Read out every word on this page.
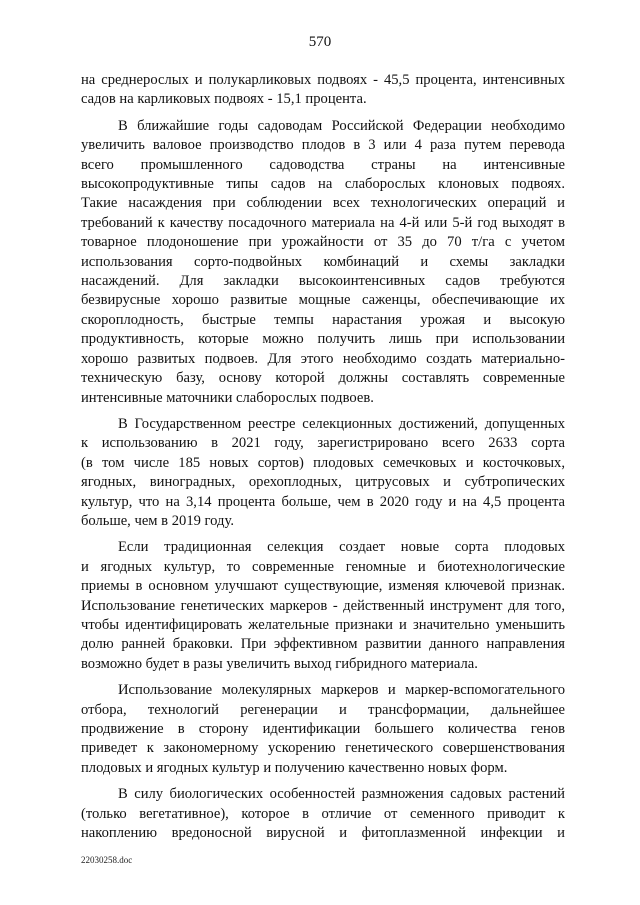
570

на среднерослых и полукарликовых подвоях - 45,5 процента, интенсивных
садов на карликовых подвоях - 15,1 процента.

В ближайшие годы садоводам Российской Федерации необходимо
увеличить валовое производство плодов в 3 или 4 раза путем перевода
всего промышленного садоводства страны на интенсивные
высокопродуктивные типы садов на слаборослых клоновых подвоях.
Такие насаждения при соблюдении всех технологических операций и
требований к качеству посадочного материала на 4-й или 5-й год выходят в
товарное плодоношение при урожайности от 35 до 70 т/га с учетом
использования сорто-подвойных комбинаций и схемы закладки
насаждений. Для закладки высокоинтенсивных садов требуются
безвирусные хорошо развитые мощные саженцы, обеспечивающие их
скороплодность, быстрые темпы нарастания урожая и высокую
продуктивность, которые можно получить лишь при использовании
хорошо развитых подвоев. Для этого необходимо создать материально-
техническую базу, основу которой должны составлять современные
интенсивные маточники слаборослых подвоев.

В Государственном реестре селекционных достижений, допущенных
к использованию в 2021 году, зарегистрировано всего 2633 сорта
(в том числе 185 новых сортов) плодовых семечковых и косточковых,
ягодных, виноградных, орехоплодных, цитрусовых и субтропических
культур, что на 3,14 процента больше, чем в 2020 году и на 4,5 процента
больше, чем в 2019 году.

Если традиционная селекция создает новые сорта плодовых
и ягодных культур, то современные геномные и биотехнологические
приемы в основном улучшают существующие, изменяя ключевой признак.
Использование генетических маркеров - действенный инструмент для того,
чтобы идентифицировать желательные признаки и значительно уменьшить
долю ранней браковки. При эффективном развитии данного направления
возможно будет в разы увеличить выход гибридного материала.

Использование молекулярных маркеров и маркер-вспомогательного
отбора, технологий регенерации и трансформации, дальнейшее
продвижение в сторону идентификации большего количества генов
приведет к закономерному ускорению генетического совершенствования
плодовых и ягодных культур и получению качественно новых форм.

В силу биологических особенностей размножения садовых растений
(только вегетативное), которое в отличие от семенного приводит к
накоплению вредоносной вирусной и фитоплазменной инфекции и

22030258.doc
